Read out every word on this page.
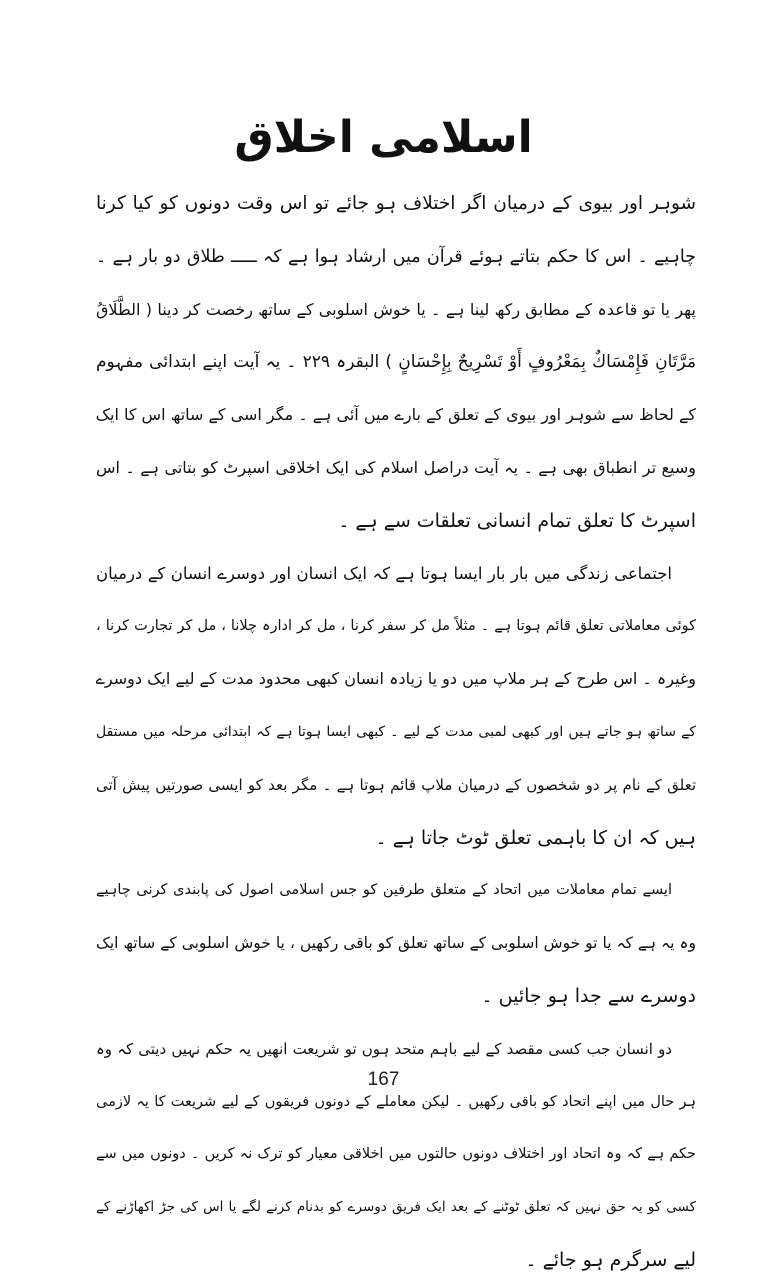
اسلامی اخلاق
شوہر اور بیوی کے درمیان اگر اختلاف ہو جائے تو اس وقت دونوں کو کیا کرنا
چاہیے ۔ اس کا حکم بتاتے ہوئے قرآن میں ارشاد ہوا ہے کہ ـــــ طلاق دو بار ہے ۔
پھر یا تو قاعدہ کے مطابق رکھ لینا ہے ۔ یا خوش اسلوبی کے ساتھ رخصت کر دینا ( الطَّلَاقُ
مَرَّتَانِ فَإِمْسَاكٌ بِمَعْرُوفٍ أَوْ تَسْرِيحٌ بِإِحْسَانٍ ) البقرہ ۲۲۹ ۔ یہ آیت اپنے ابتدائی مفہوم
کے لحاظ سے شوہر اور بیوی کے تعلق کے بارے میں آئی ہے ۔ مگر اسی کے ساتھ اس کا ایک
وسیع تر انطباق بھی ہے ۔ یہ آیت دراصل اسلام کی ایک اخلاقی اسپرٹ کو بتاتی ہے ۔ اس
اسپرٹ کا تعلق تمام انسانی تعلقات سے ہے ۔
اجتماعی زندگی میں بار بار ایسا ہوتا ہے کہ ایک انسان اور دوسرے انسان کے درمیان
کوئی معاملاتی تعلق قائم ہوتا ہے ۔ مثلاً مل کر سفر کرنا ، مل کر ادارہ چلانا ، مل کر تجارت کرنا ،
وغیرہ ۔ اس طرح کے ہر ملاپ میں دو یا زیادہ انسان کبھی محدود مدت کے لیے ایک دوسرے
کے ساتھ ہو جاتے ہیں اور کبھی لمبی مدت کے لیے ۔ کبھی ایسا ہوتا ہے کہ ابتدائی مرحلہ میں مستقل
تعلق کے نام پر دو شخصوں کے درمیان ملاپ قائم ہوتا ہے ۔ مگر بعد کو ایسی صورتیں پیش آتی
ہیں کہ ان کا باہمی تعلق ٹوٹ جاتا ہے ۔
ایسے تمام معاملات میں اتحاد کے متعلق طرفین کو جس اسلامی اصول کی پابندی کرنی چاہیے
وہ یہ ہے کہ یا تو خوش اسلوبی کے ساتھ تعلق کو باقی رکھیں ، یا خوش اسلوبی کے ساتھ ایک
دوسرے سے جدا ہو جائیں ۔
دو انسان جب کسی مقصد کے لیے باہم متحد ہوں تو شریعت انھیں یہ حکم نہیں دیتی کہ وہ
ہر حال میں اپنے اتحاد کو باقی رکھیں ۔ لیکن معاملے کے دونوں فریقوں کے لیے شریعت کا یہ لازمی
حکم ہے کہ وہ اتحاد اور اختلاف دونوں حالتوں میں اخلاقی معیار کو ترک نہ کریں ۔ دونوں میں سے
کسی کو یہ حق نہیں کہ تعلق ٹوٹنے کے بعد ایک فریق دوسرے کو بدنام کرنے لگے یا اس کی جڑ اکھاڑنے کے
لیے سرگرم ہو جائے ۔
167
